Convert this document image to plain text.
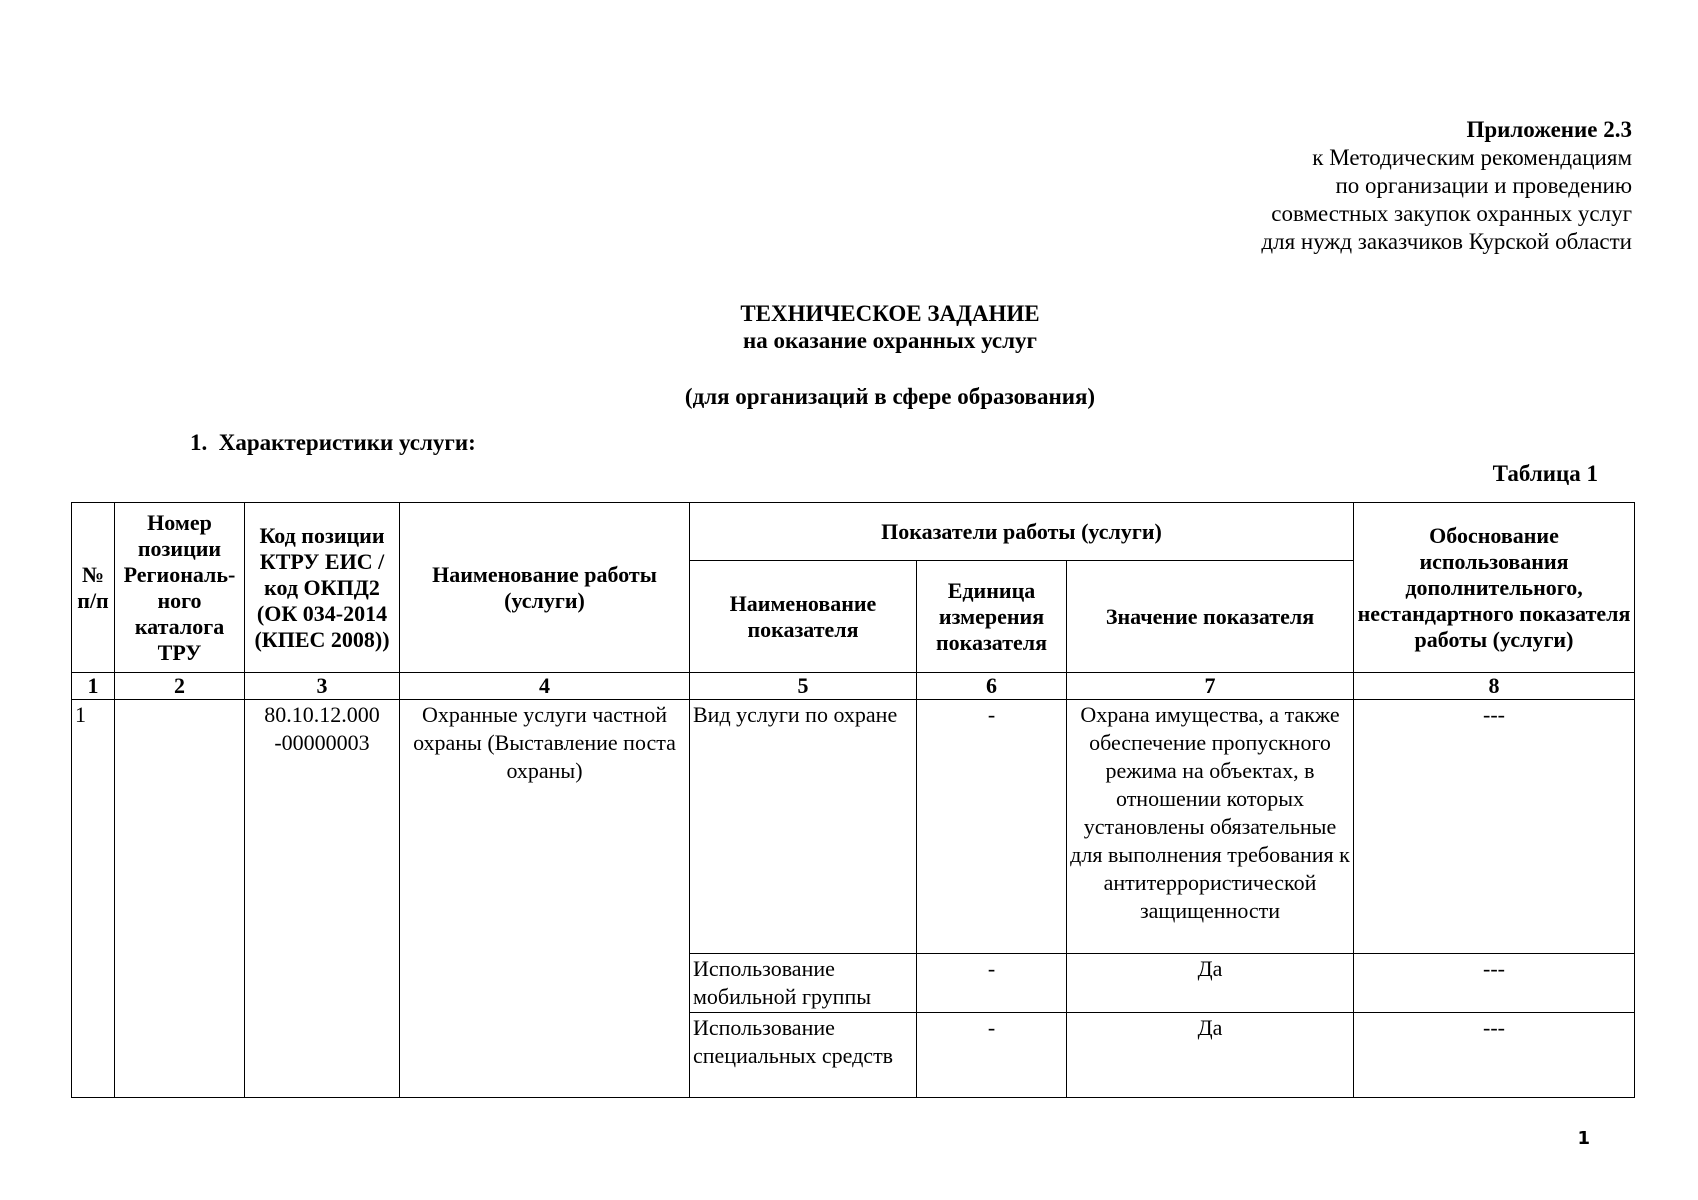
Приложение 2.3
к Методическим рекомендациям
по организации и проведению
совместных закупок охранных услуг
для нужд заказчиков Курской области
ТЕХНИЧЕСКОЕ ЗАДАНИЕ
на оказание охранных услуг
(для организаций в сфере образования)
1. Характеристики услуги:
Таблица 1
№ п/п	Номер позиции Региональ-ного каталога ТРУ	Код позиции КТРУ ЕИС / код ОКПД2 (ОК 034-2014 (КПЕС 2008))	Наименование работы (услуги)	Показатели работы (услуги)			Обоснование использования дополнительного, нестандартного показателя работы (услуги)
				Наименование показателя	Единица измерения показателя	Значение показателя	
1	2	3	4	5	6	7	8
1		80.10.12.000 -00000003	Охранные услуги частной охраны (Выставление поста охраны)	Вид услуги по охране	-	Охрана имущества, а также обеспечение пропускного режима на объектах, в отношении которых установлены обязательные для выполнения требования к антитеррористической защищенности	---
				Использование мобильной группы	-	Да	---
				Использование специальных средств	-	Да	---
1
